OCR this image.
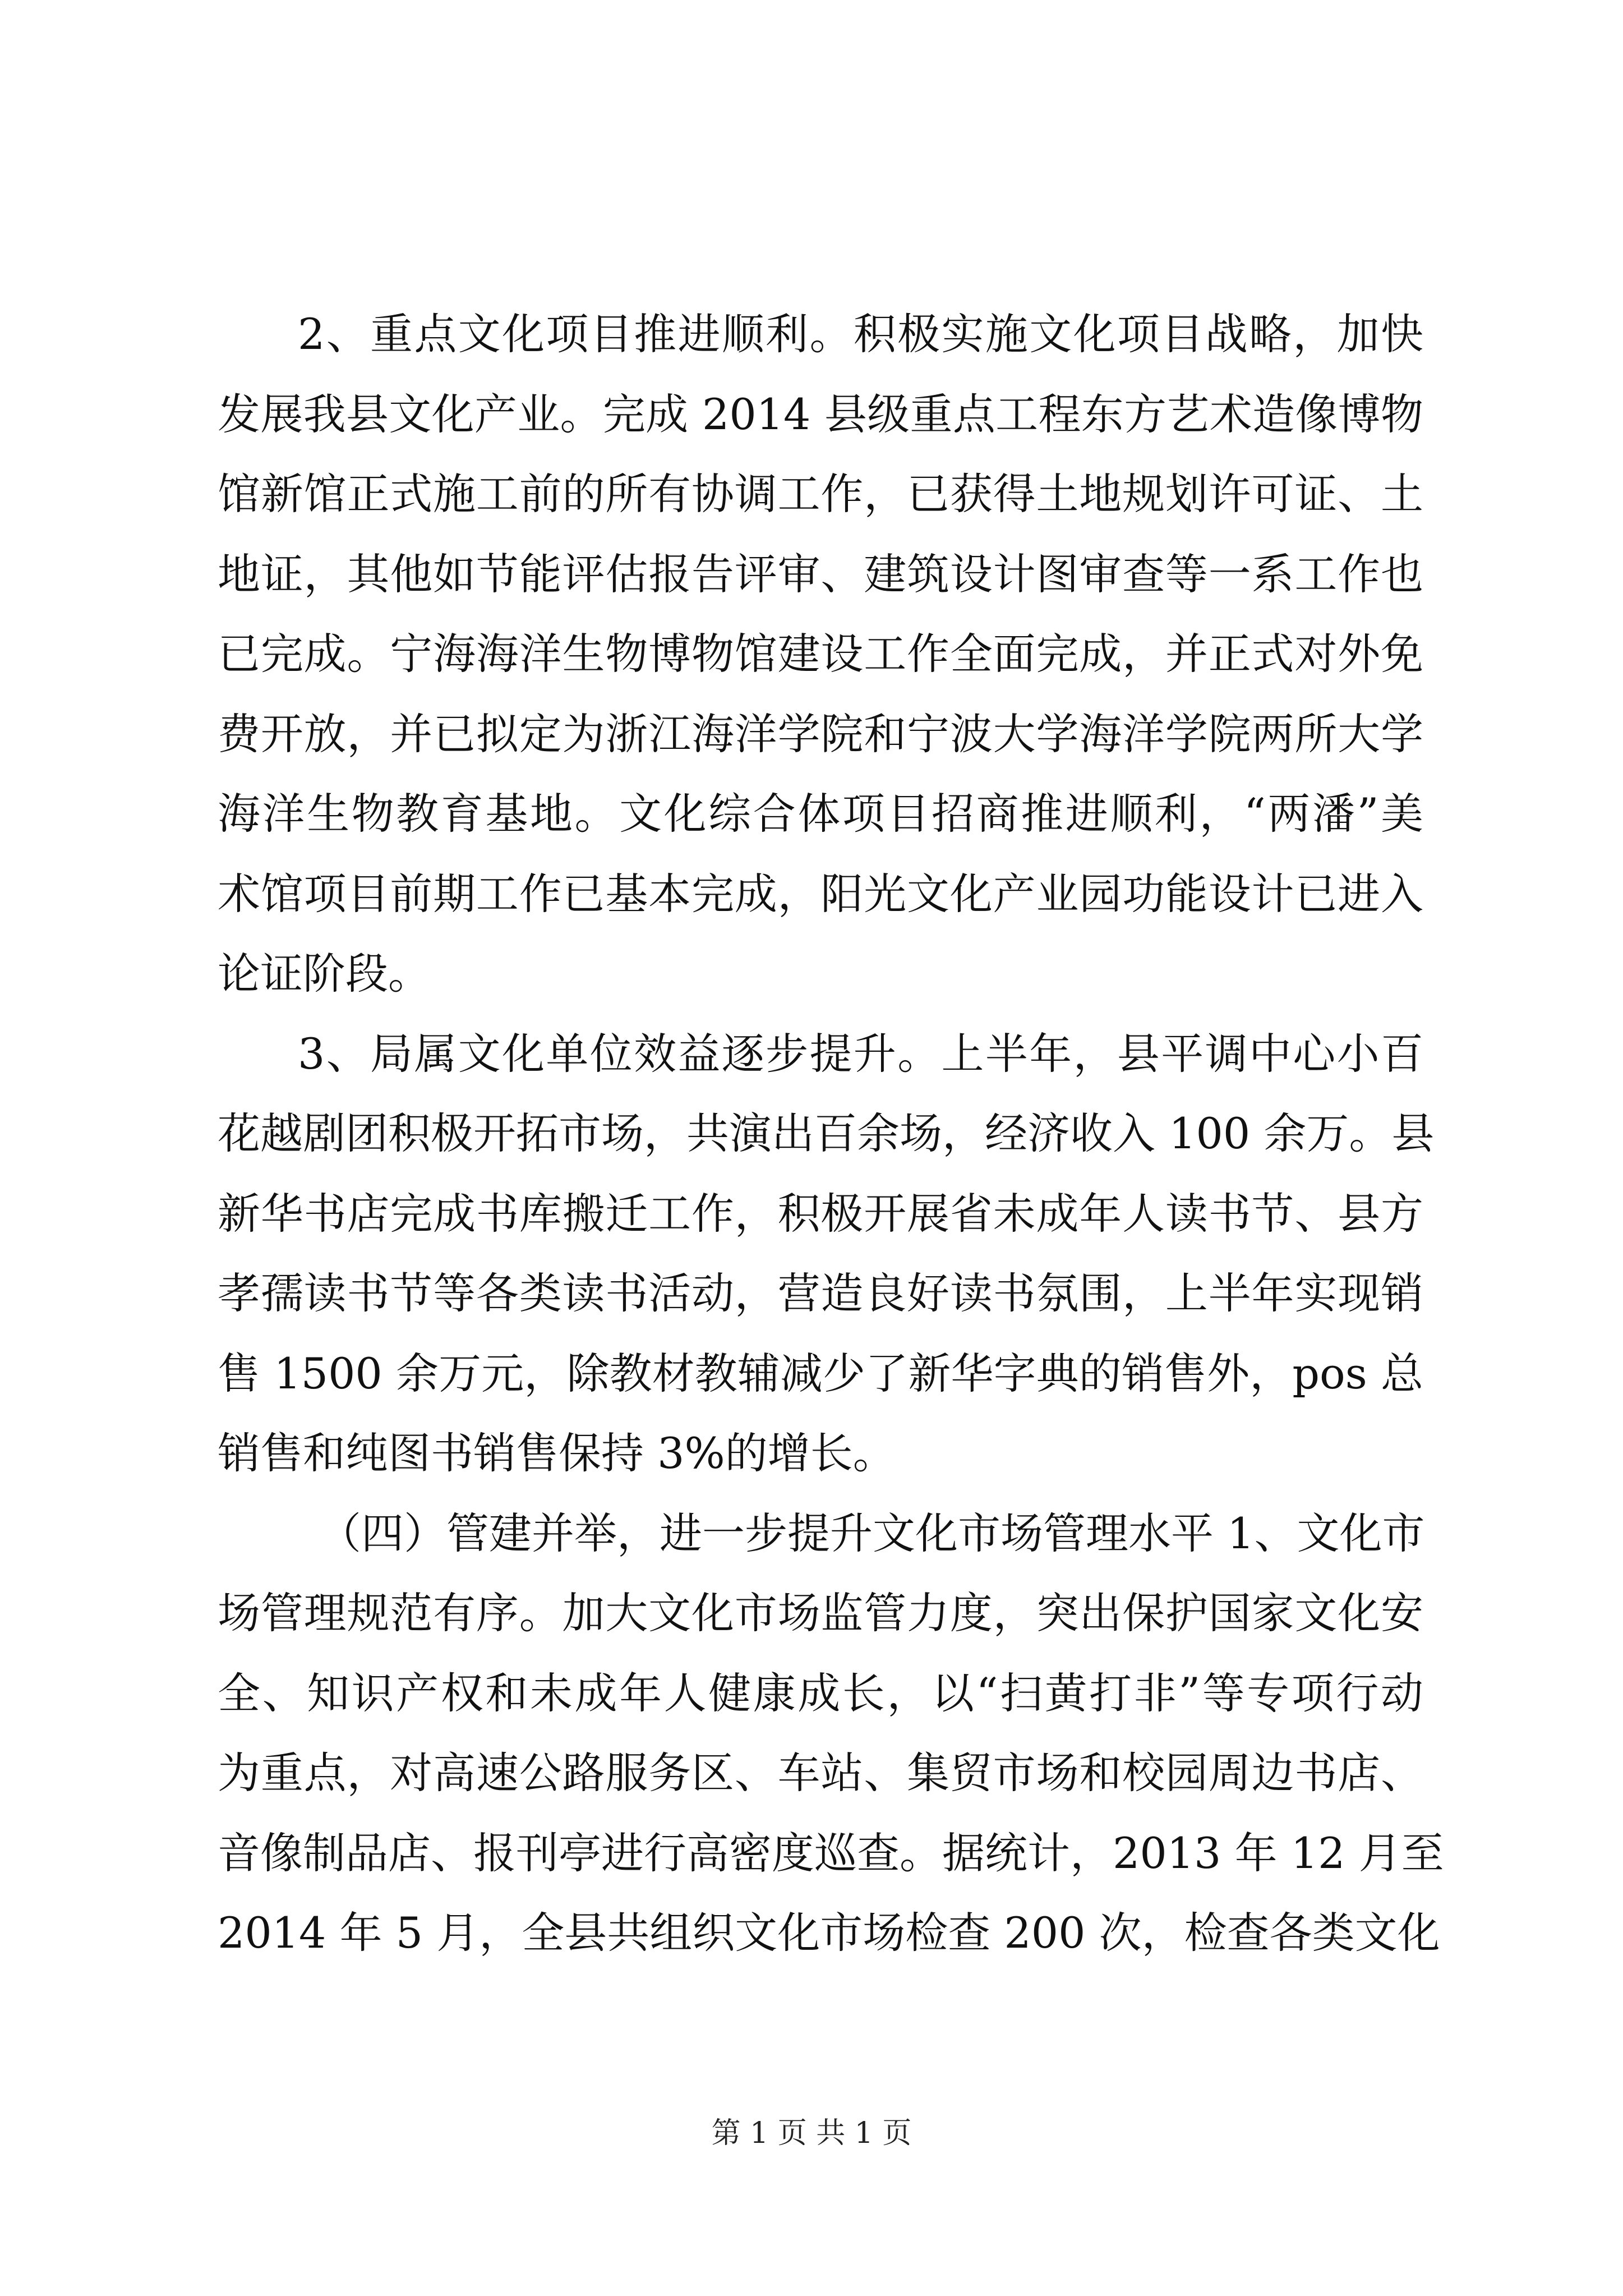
2、重点文化项目推进顺利。积极实施文化项目战略，加快

发展我县文化产业。完成 2014 县级重点工程东方艺术造像博物

馆新馆正式施工前的所有协调工作，已获得土地规划许可证、土

地证，其他如节能评估报告评审、建筑设计图审查等一系工作也

已完成。宁海海洋生物博物馆建设工作全面完成，并正式对外免

费开放，并已拟定为浙江海洋学院和宁波大学海洋学院两所大学

海洋生物教育基地。文化综合体项目招商推进顺利，“两潘”美

术馆项目前期工作已基本完成，阳光文化产业园功能设计已进入

论证阶段。

3、局属文化单位效益逐步提升。上半年，县平调中心小百

花越剧团积极开拓市场，共演出百余场，经济收入 100 余万。县

新华书店完成书库搬迁工作，积极开展省未成年人读书节、县方

孝孺读书节等各类读书活动，营造良好读书氛围，上半年实现销

售 1500 余万元，除教材教辅减少了新华字典的销售外，pos 总

销售和纯图书销售保持 3%的增长。

（四）管建并举，进一步提升文化市场管理水平 1、文化市

场管理规范有序。加大文化市场监管力度，突出保护国家文化安

全、知识产权和未成年人健康成长，以“扫黄打非”等专项行动

为重点，对高速公路服务区、车站、集贸市场和校园周边书店、

音像制品店、报刊亭进行高密度巡查。据统计，2013 年 12 月至

2014 年 5 月，全县共组织文化市场检查 200 次，检查各类文化

第 1 页 共 1 页
